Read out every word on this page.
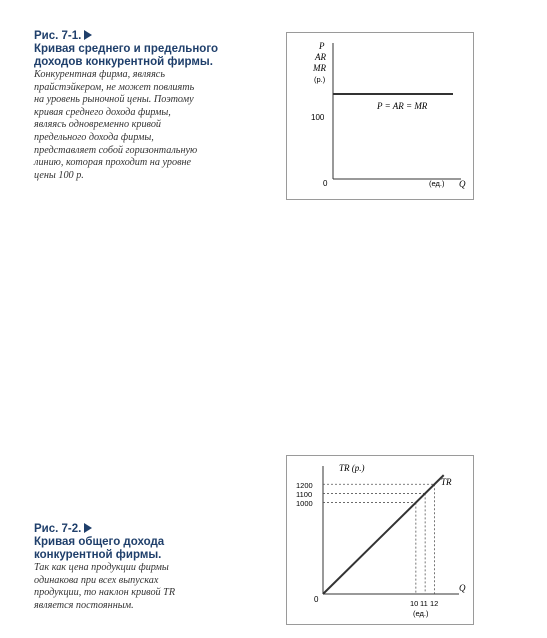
Рис. 7-1.
Кривая среднего и предельного
доходов конкурентной фирмы.
Конкурентная фирма, являясь
прайстэйкером, не может повлиять
на уровень рыночной цены. Поэтому
кривая среднего дохода фирмы,
являясь одновременно кривой
предельного дохода фирмы,
представляет собой горизонтальную
линию, которая проходит на уровне
цены 100 р.
P
AR
MR
(р.)
100
P = AR = MR
0	(ед.) Q
Рис. 7-2.
Кривая общего дохода
конкурентной фирмы.
Так как цена продукции фирмы
одинакова при всех выпусках
продукции, то наклон кривой TR
является постоянным.
TR (р.)
TR
1200
1100
1000
10 11 12
(ед.)
0
Q
